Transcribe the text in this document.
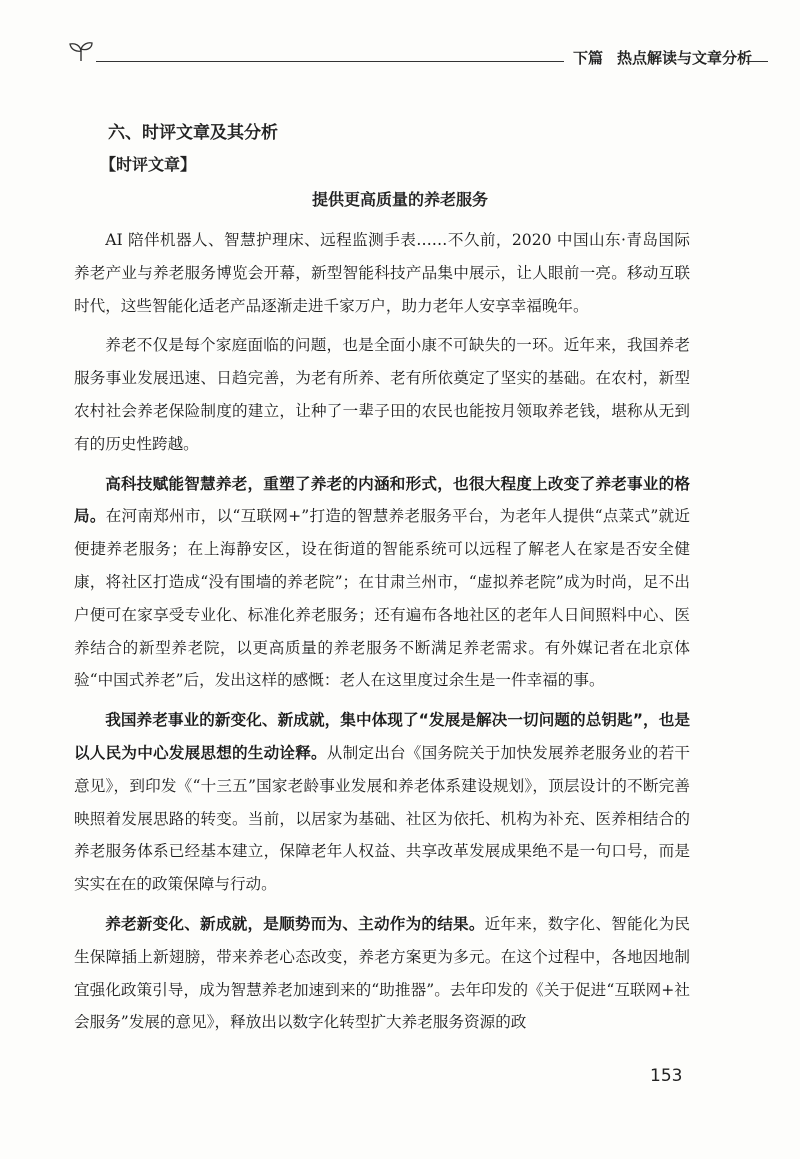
下篇 热点解读与文章分析
六、时评文章及其分析
【时评文章】
提供更高质量的养老服务

AI 陪伴机器人、智慧护理床、远程监测手表……不久前，2020 中国山东·青岛国际养老产业与养老服务博览会开幕，新型智能科技产品集中展示，让人眼前一亮。移动互联时代，这些智能化适老产品逐渐走进千家万户，助力老年人安享幸福晚年。

养老不仅是每个家庭面临的问题，也是全面小康不可缺失的一环。近年来，我国养老服务事业发展迅速、日趋完善，为老有所养、老有所依奠定了坚实的基础。在农村，新型农村社会养老保险制度的建立，让种了一辈子田的农民也能按月领取养老钱，堪称从无到有的历史性跨越。

高科技赋能智慧养老，重塑了养老的内涵和形式，也很大程度上改变了养老事业的格局。在河南郑州市，以“互联网+”打造的智慧养老服务平台，为老年人提供“点菜式”就近便捷养老服务；在上海静安区，设在街道的智能系统可以远程了解老人在家是否安全健康，将社区打造成“没有围墙的养老院”；在甘肃兰州市，“虚拟养老院”成为时尚，足不出户便可在家享受专业化、标准化养老服务；还有遍布各地社区的老年人日间照料中心、医养结合的新型养老院，以更高质量的养老服务不断满足养老需求。有外媒记者在北京体验“中国式养老”后，发出这样的感慨：老人在这里度过余生是一件幸福的事。

我国养老事业的新变化、新成就，集中体现了“发展是解决一切问题的总钥匙”，也是以人民为中心发展思想的生动诠释。从制定出台《国务院关于加快发展养老服务业的若干意见》，到印发《“十三五”国家老龄事业发展和养老体系建设规划》，顶层设计的不断完善映照着发展思路的转变。当前，以居家为基础、社区为依托、机构为补充、医养相结合的养老服务体系已经基本建立，保障老年人权益、共享改革发展成果绝不是一句口号，而是实实在在的政策保障与行动。

养老新变化、新成就，是顺势而为、主动作为的结果。近年来，数字化、智能化为民生保障插上新翅膀，带来养老心态改变，养老方案更为多元。在这个过程中，各地因地制宜强化政策引导，成为智慧养老加速到来的“助推器”。去年印发的《关于促进“互联网+社会服务”发展的意见》，释放出以数字化转型扩大养老服务资源的政

153
